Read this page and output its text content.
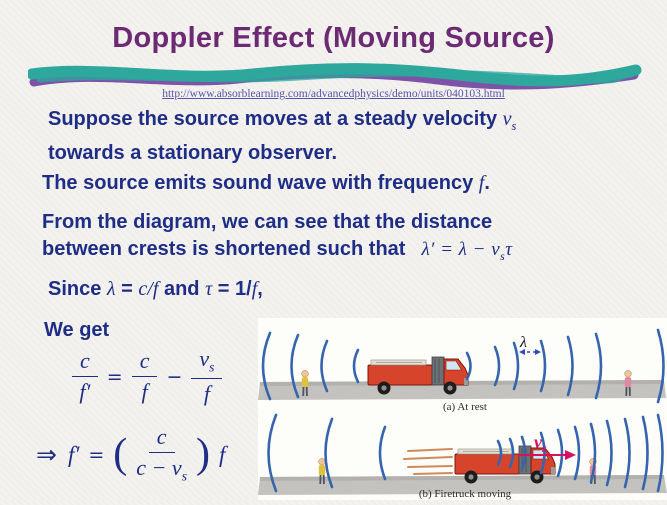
Doppler Effect (Moving Source)
http://www.absorblearning.com/advancedphysics/demo/units/040103.html
Suppose the source moves at a steady velocity $v_s$
towards a stationary observer.
The source emits sound wave with frequency f.
From the diagram, we can see that the distance
between crests is shortened such that $\lambda' = \lambda - v_s\tau$
Since λ = c/f and τ = 1/f,
We get
$\frac{c}{f'} = \frac{c}{f} - \frac{v_s}{f}$
⇒ f′ = ( $\frac{c}{c - v_s}$ ) f
λ
(a) At rest
$v_s$
(b) Firetruck moving
